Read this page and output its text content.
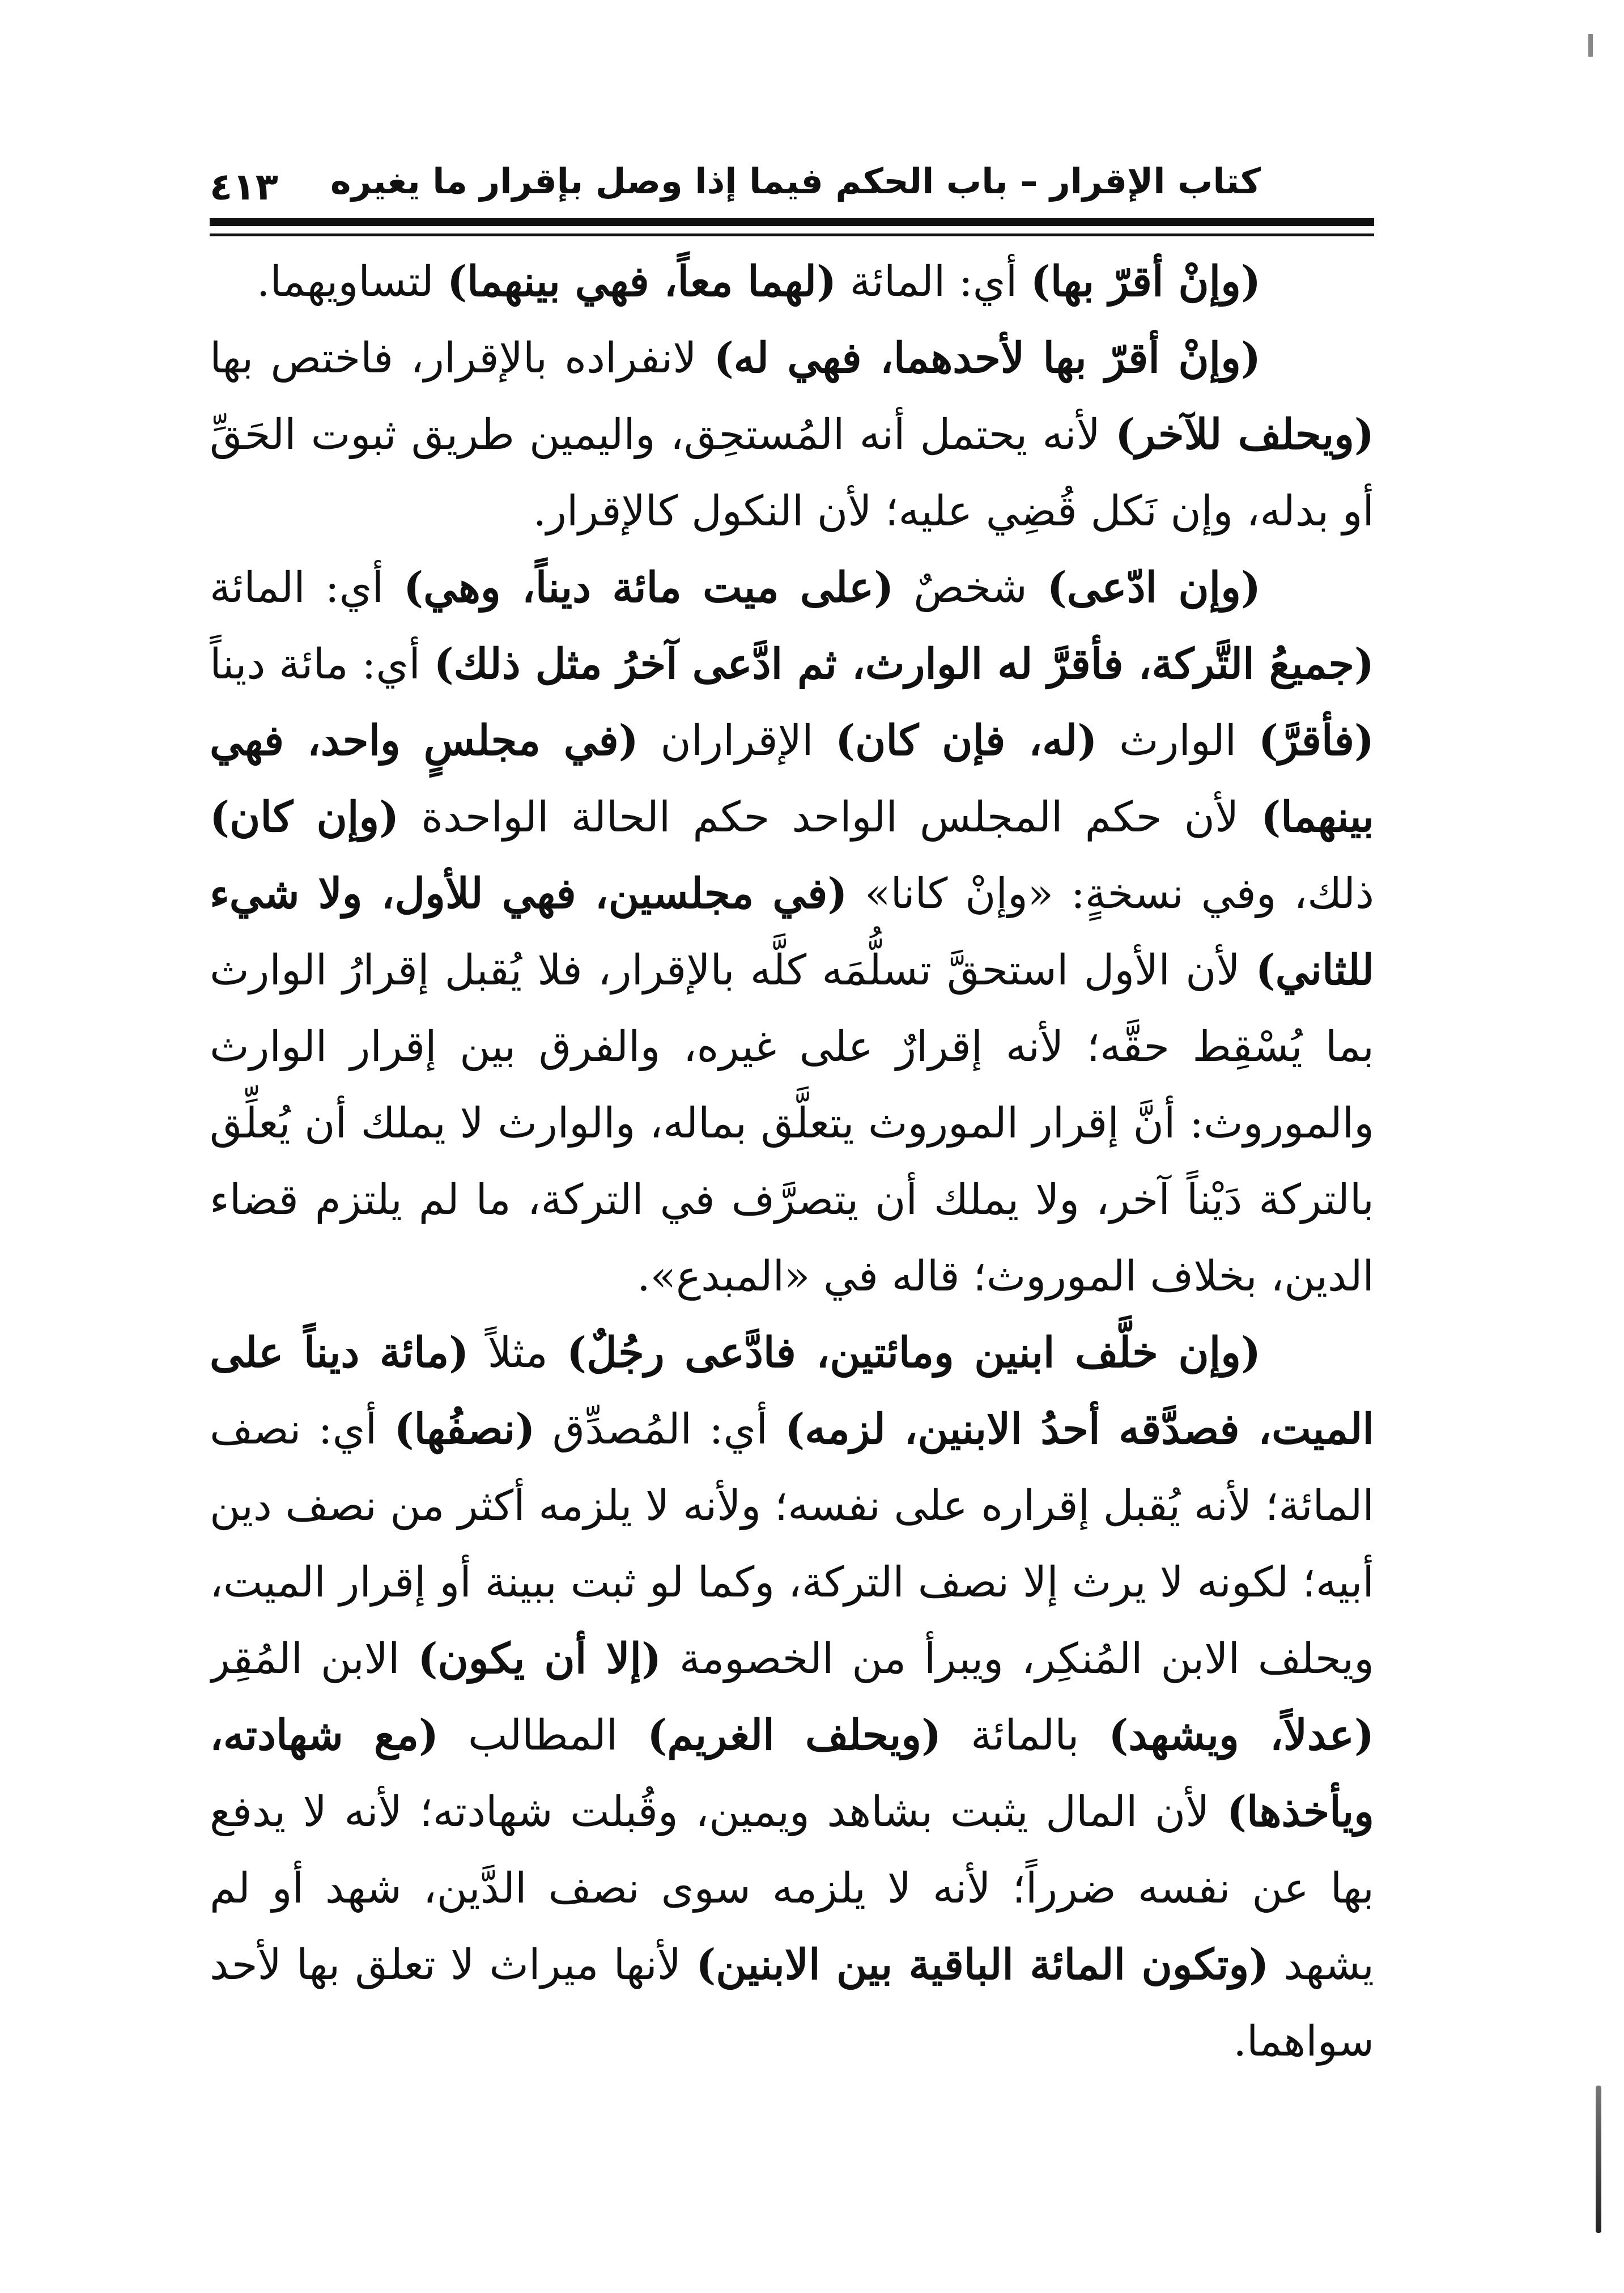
كتاب الإقرار – باب الحكم فيما إذا وصل بإقرار ما يغيره
٤١٣

(وإنْ أقرّ بها) أي: المائة (لهما معاً، فهي بينهما) لتساويهما.

(وإنْ أقرّ بها لأحدهما، فهي له) لانفراده بالإقرار، فاختص بها (ويحلف للآخر) لأنه يحتمل أنه المُستحِق، واليمين طريق ثبوت الحَقِّ أو بدله، وإن نَكل قُضِي عليه؛ لأن النكول كالإقرار.

(وإن ادّعى) شخصٌ (على ميت مائة ديناً، وهي) أي: المائة (جميعُ التَّركة، فأقرَّ له الوارث، ثم ادَّعى آخرُ مثل ذلك) أي: مائة ديناً (فأقرَّ) الوارث (له، فإن كان) الإقراران (في مجلسٍ واحد، فهي بينهما) لأن حكم المجلس الواحد حكم الحالة الواحدة (وإن كان) ذلك، وفي نسخةٍ: «وإنْ كانا» (في مجلسين، فهي للأول، ولا شيء للثاني) لأن الأول استحقَّ تسلُّمَه كلَّه بالإقرار، فلا يُقبل إقرارُ الوارث بما يُسْقِط حقَّه؛ لأنه إقرارٌ على غيره، والفرق بين إقرار الوارث والموروث: أنَّ إقرار الموروث يتعلَّق بماله، والوارث لا يملك أن يُعلِّق بالتركة دَيْناً آخر، ولا يملك أن يتصرَّف في التركة، ما لم يلتزم قضاء الدين، بخلاف الموروث؛ قاله في «المبدع».

(وإن خلَّف ابنين ومائتين، فادَّعى رجُلٌ) مثلاً (مائة ديناً على الميت، فصدَّقه أحدُ الابنين، لزمه) أي: المُصدِّق (نصفُها) أي: نصف المائة؛ لأنه يُقبل إقراره على نفسه؛ ولأنه لا يلزمه أكثر من نصف دين أبيه؛ لكونه لا يرث إلا نصف التركة، وكما لو ثبت ببينة أو إقرار الميت، ويحلف الابن المُنكِر، ويبرأ من الخصومة (إلا أن يكون) الابن المُقِر (عدلاً، ويشهد) بالمائة (ويحلف الغريم) المطالب (مع شهادته، ويأخذها) لأن المال يثبت بشاهد ويمين، وقُبلت شهادته؛ لأنه لا يدفع بها عن نفسه ضرراً؛ لأنه لا يلزمه سوى نصف الدَّين، شهد أو لم يشهد (وتكون المائة الباقية بين الابنين) لأنها ميراث لا تعلق بها لأحد سواهما.
